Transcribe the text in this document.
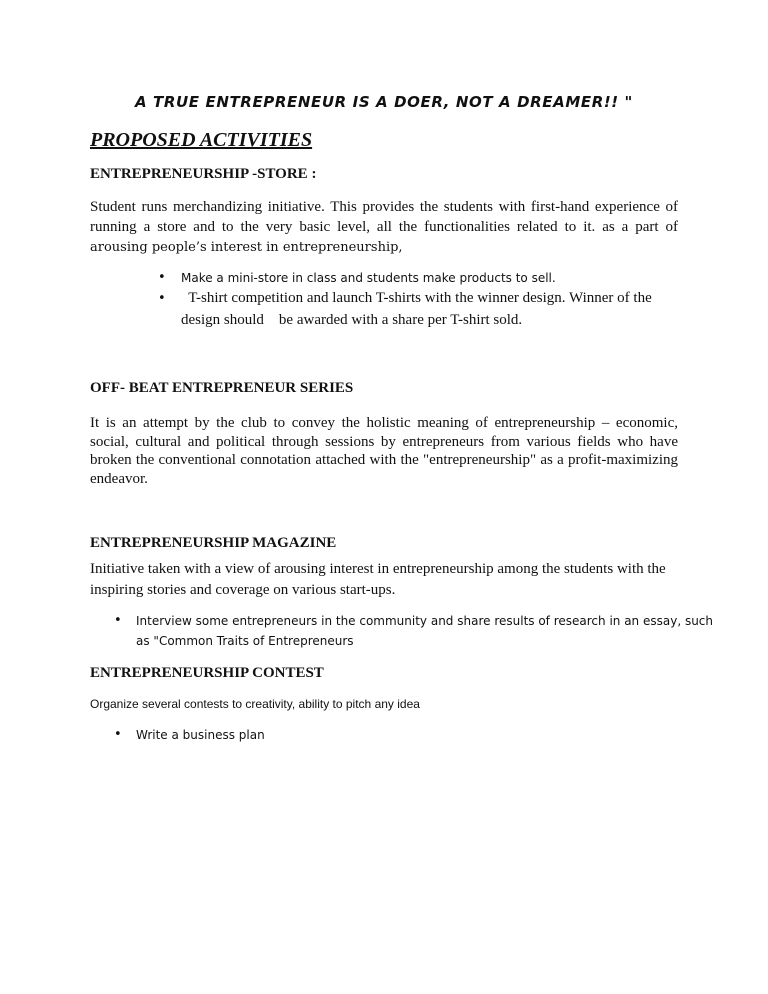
A TRUE ENTREPRENEUR IS A DOER, NOT A DREAMER!! "

PROPOSED ACTIVITIES

ENTREPRENEURSHIP -STORE :

Student runs merchandizing initiative. This provides the students with first-hand experience of

running a store and to the very basic level, all the functionalities related to it. as a part of

arousing people’s interest in entrepreneurship,

• Make a mini-store in class and students make products to sell.

• T-shirt competition and launch T-shirts with the winner design. Winner of the

design should    be awarded with a share per T-shirt sold.

OFF- BEAT ENTREPRENEUR SERIES

It is an attempt by the club to convey the holistic meaning of entrepreneurship – economic, social, cultural and political through sessions by entrepreneurs from various fields who have broken the conventional connotation attached with the "entrepreneurship" as a profit-maximizing endeavor.

ENTREPRENEURSHIP MAGAZINE

Initiative taken with a view of arousing interest in entrepreneurship among the students with the

inspiring stories and coverage on various start-ups.

• Interview some entrepreneurs in the community and share results of research in an essay, such

as "Common Traits of Entrepreneurs

ENTREPRENEURSHIP CONTEST

Organize several contests to creativity, ability to pitch any idea

• Write a business plan
